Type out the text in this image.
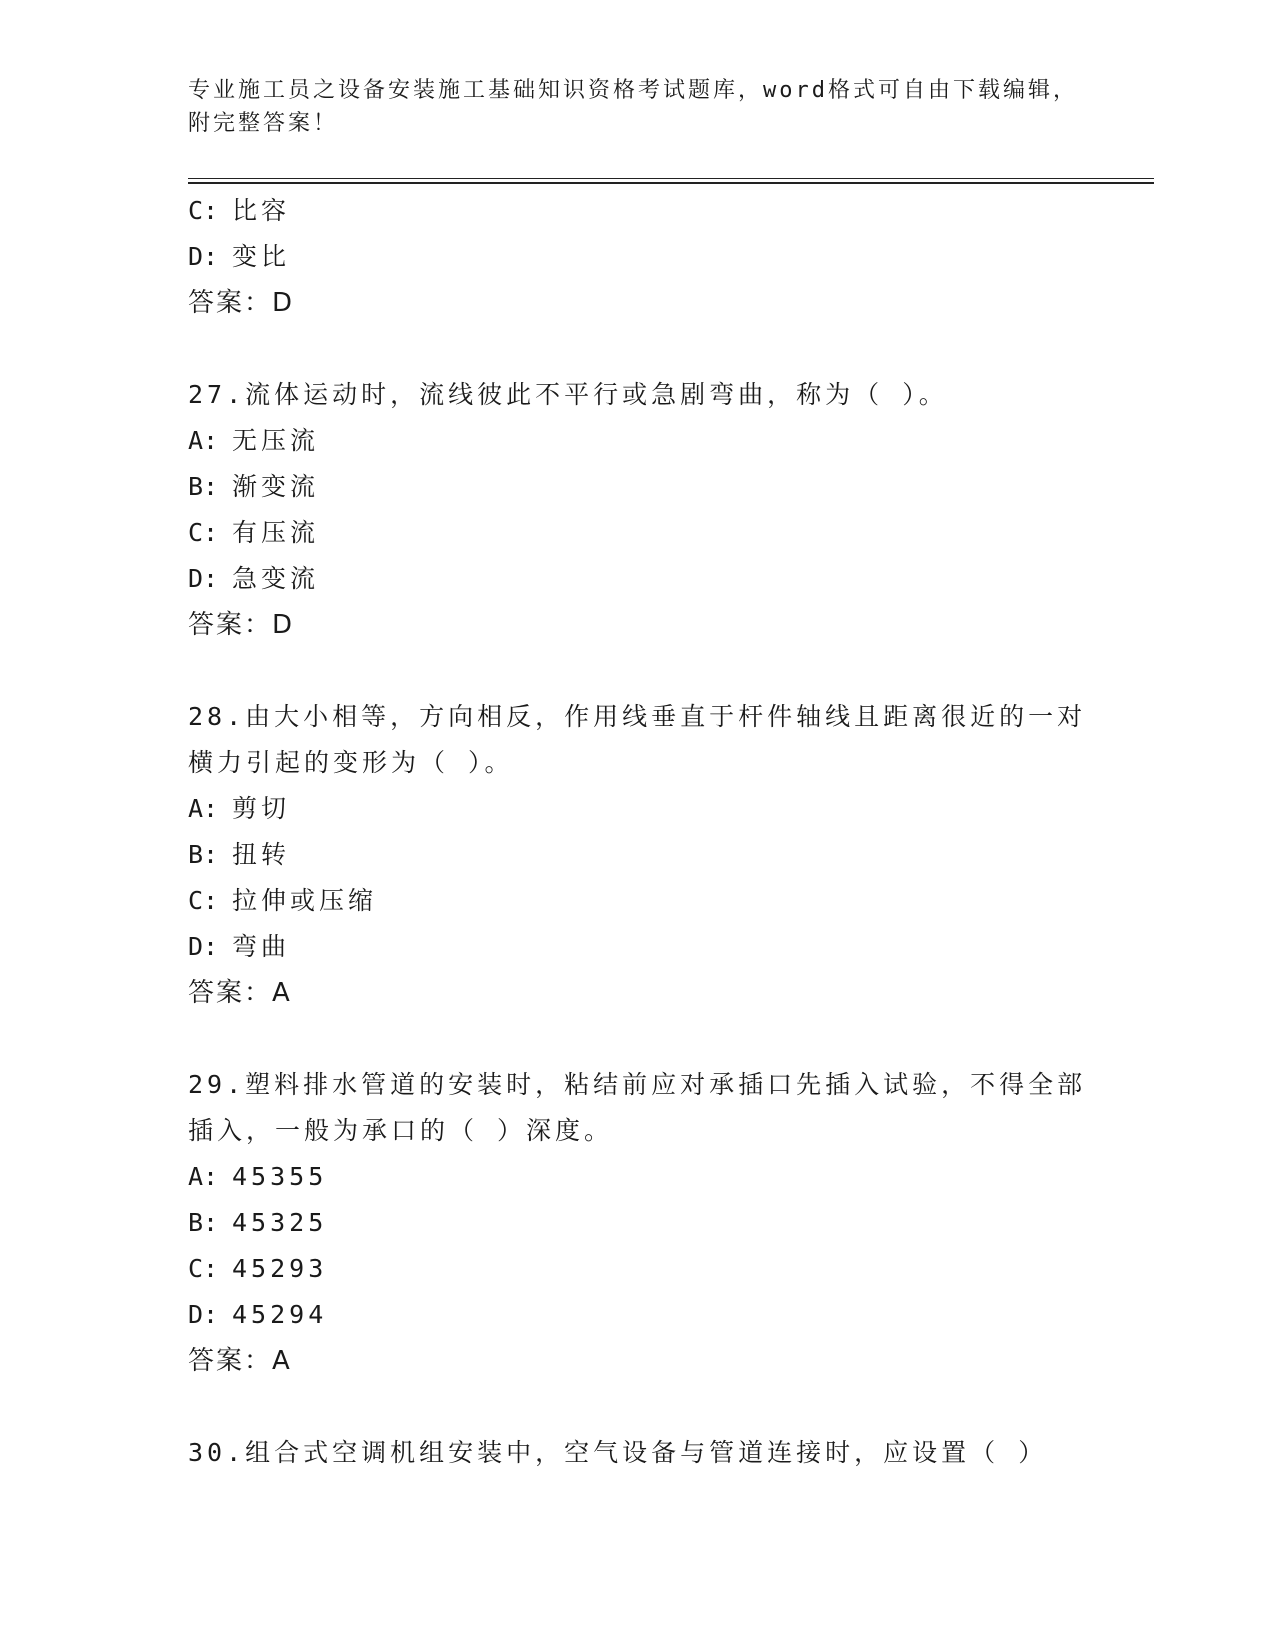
专业施工员之设备安装施工基础知识资格考试题库，word格式可自由下载编辑，附完整答案！
C: 比容
D: 变比
答案：D
27.流体运动时，流线彼此不平行或急剧弯曲，称为（ ）。
A: 无压流
B: 渐变流
C: 有压流
D: 急变流
答案：D
28.由大小相等，方向相反，作用线垂直于杆件轴线且距离很近的一对横力引起的变形为（ ）。
A: 剪切
B: 扭转
C: 拉伸或压缩
D: 弯曲
答案：A
29.塑料排水管道的安装时，粘结前应对承插口先插入试验，不得全部插入，一般为承口的（ ）深度。
A: 45355
B: 45325
C: 45293
D: 45294
答案：A
30.组合式空调机组安装中，空气设备与管道连接时，应设置（ ）
